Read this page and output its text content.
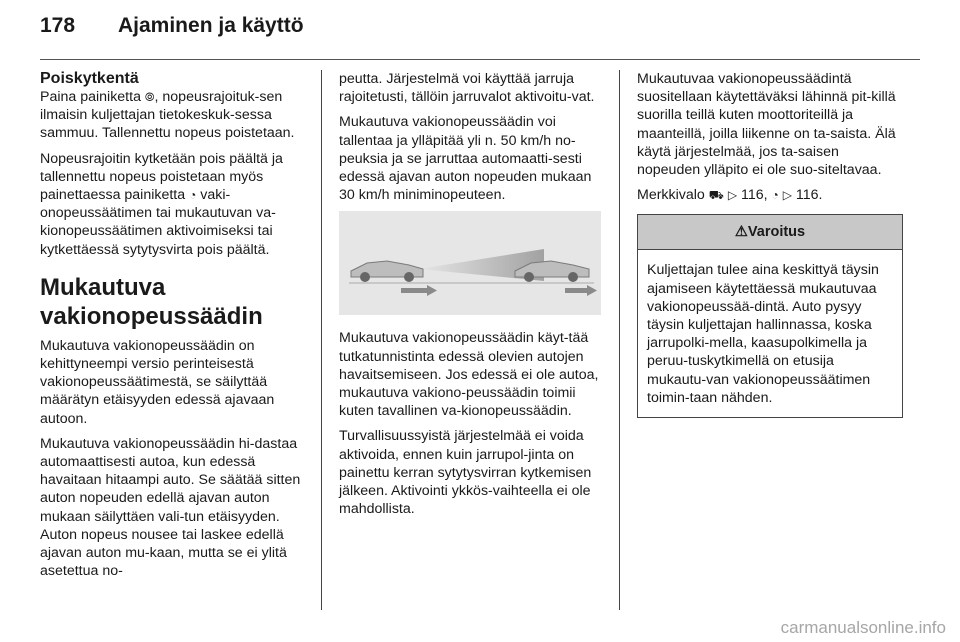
178 Ajaminen ja käyttö
Poiskytkentä

Paina painiketta ⦾, nopeusrajoituk-sen ilmaisin kuljettajan tietokeskuk-sessa sammuu. Tallennettu nopeus poistetaan.

Nopeusrajoitin kytketään pois päältä ja tallennettu nopeus poistetaan myös painettaessa painiketta ◔ vaki-onopeussäätimen tai mukautuvan va-kionopeussäätimen aktivoimiseksi tai kytkettäessä sytytysvirta pois päältä.

Mukautuva vakionopeussäädin

Mukautuva vakionopeussäädin on kehittyneempi versio perinteisestä vakionopeussäätimestä, se säilyttää määrätyn etäisyyden edessä ajavaan autoon.

Mukautuva vakionopeussäädin hi-dastaa automaattisesti autoa, kun edessä havaitaan hitaampi auto. Se säätää sitten auton nopeuden edellä ajavan auton mukaan säilyttäen vali-tun etäisyyden. Auton nopeus nousee tai laskee edellä ajavan auton mu-kaan, mutta se ei ylitä asetettua no-

peutta. Järjestelmä voi käyttää jarruja rajoitetusti, tällöin jarruvalot aktivoitu-vat.

Mukautuva vakionopeussäädin voi tallentaa ja ylläpitää yli n. 50 km/h no-peuksia ja se jarruttaa automaatti-sesti edessä ajavan auton nopeuden mukaan 30 km/h miniminopeuteen.

Mukautuva vakionopeussäädin käyt-tää tutkatunnistinta edessä olevien autojen havaitsemiseen. Jos edessä ei ole autoa, mukautuva vakiono-peussäädin toimii kuten tavallinen va-kionopeussäädin.

Turvallisuussyistä järjestelmää ei voida aktivoida, ennen kuin jarrupol-jinta on painettu kerran sytytysvirran kytkemisen jälkeen. Aktivointi ykkös-vaihteella ei ole mahdollista.

Mukautuvaa vakionopeussäädintä suositellaan käytettäväksi lähinnä pit-killä suorilla teillä kuten moottoriteillä ja maanteillä, joilla liikenne on ta-saista. Älä käytä järjestelmää, jos ta-saisen nopeuden ylläpito ei ole suo-siteltavaa.

Merkkivalo ⛟ ▷ 116, ◔ ▷ 116.

⚠Varoitus
Kuljettajan tulee aina keskittyä täysin ajamiseen käytettäessä mukautuvaa vakionopeussää-dintä. Auto pysyy täysin kuljettajan hallinnassa, koska jarrupolki-mella, kaasupolkimella ja peruu-tuskytkimellä on etusija mukautu-van vakionopeussäätimen toimin-taan nähden.
carmanualsonline.info
